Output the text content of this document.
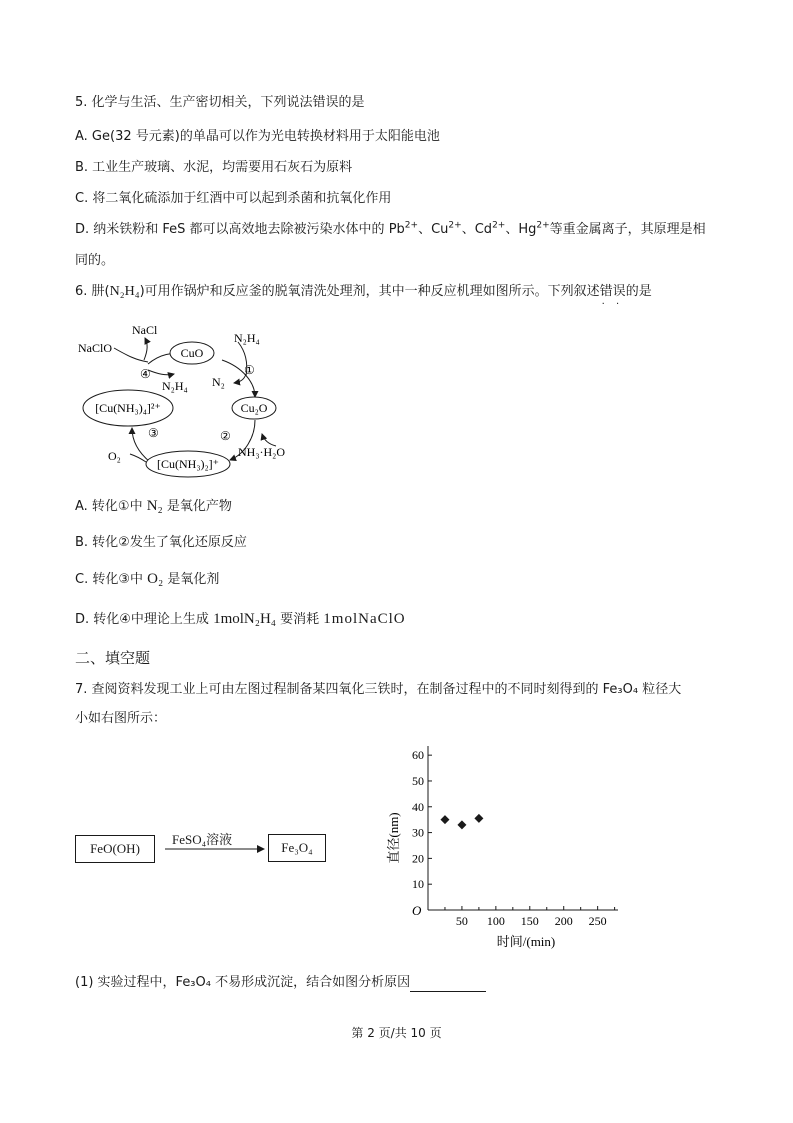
5. 化学与生活、生产密切相关，下列说法错误的是
A. Ge(32 号元素)的单晶可以作为光电转换材料用于太阳能电池
B. 工业生产玻璃、水泥，均需要用石灰石为原料
C. 将二氧化硫添加于红酒中可以起到杀菌和抗氧化作用
D. 纳米铁粉和 FeS 都可以高效地去除被污染水体中的 $Pb^{2+}$、$Cu^{2+}$、$Cd^{2+}$、$Hg^{2+}$等重金属离子，其原理是相
同的。
6. 肼(N₂H₄)可用作锅炉和反应釜的脱氧清洗处理剂，其中一种反应机理如图所示。下列叙述错误 · ·的是
CuO
Cu₂O
[Cu(NH₃)₂]⁺
[Cu(NH₃)₄]²⁺
NaClO
NaCl
N₂H₄
N₂
N₂H₄
O₂	NH₃·H₂O
①
②
③
④
A. 转化①中 N₂ 是氧化产物
B. 转化②发生了氧化还原反应
C. 转化③中 O₂ 是氧化剂
D. 转化④中理论上生成 1molN₂H₄ 要消耗 1molNaClO
二、填空题
7. 查阅资料发现工业上可由左图过程制备某四氧化三铁时，在制备过程中的不同时刻得到的 Fe₃O₄ 粒径大
小如右图所示：
FeO(OH)
FeSO₄溶液
Fe₃O₄	直径(nm)
时间/(min)
O
10
20
30
40
50
60
50 100 150 200 250
(1) 实验过程中，Fe₃O₄ 不易形成沉淀，结合如图分析原因
第 2 页/共 10 页
